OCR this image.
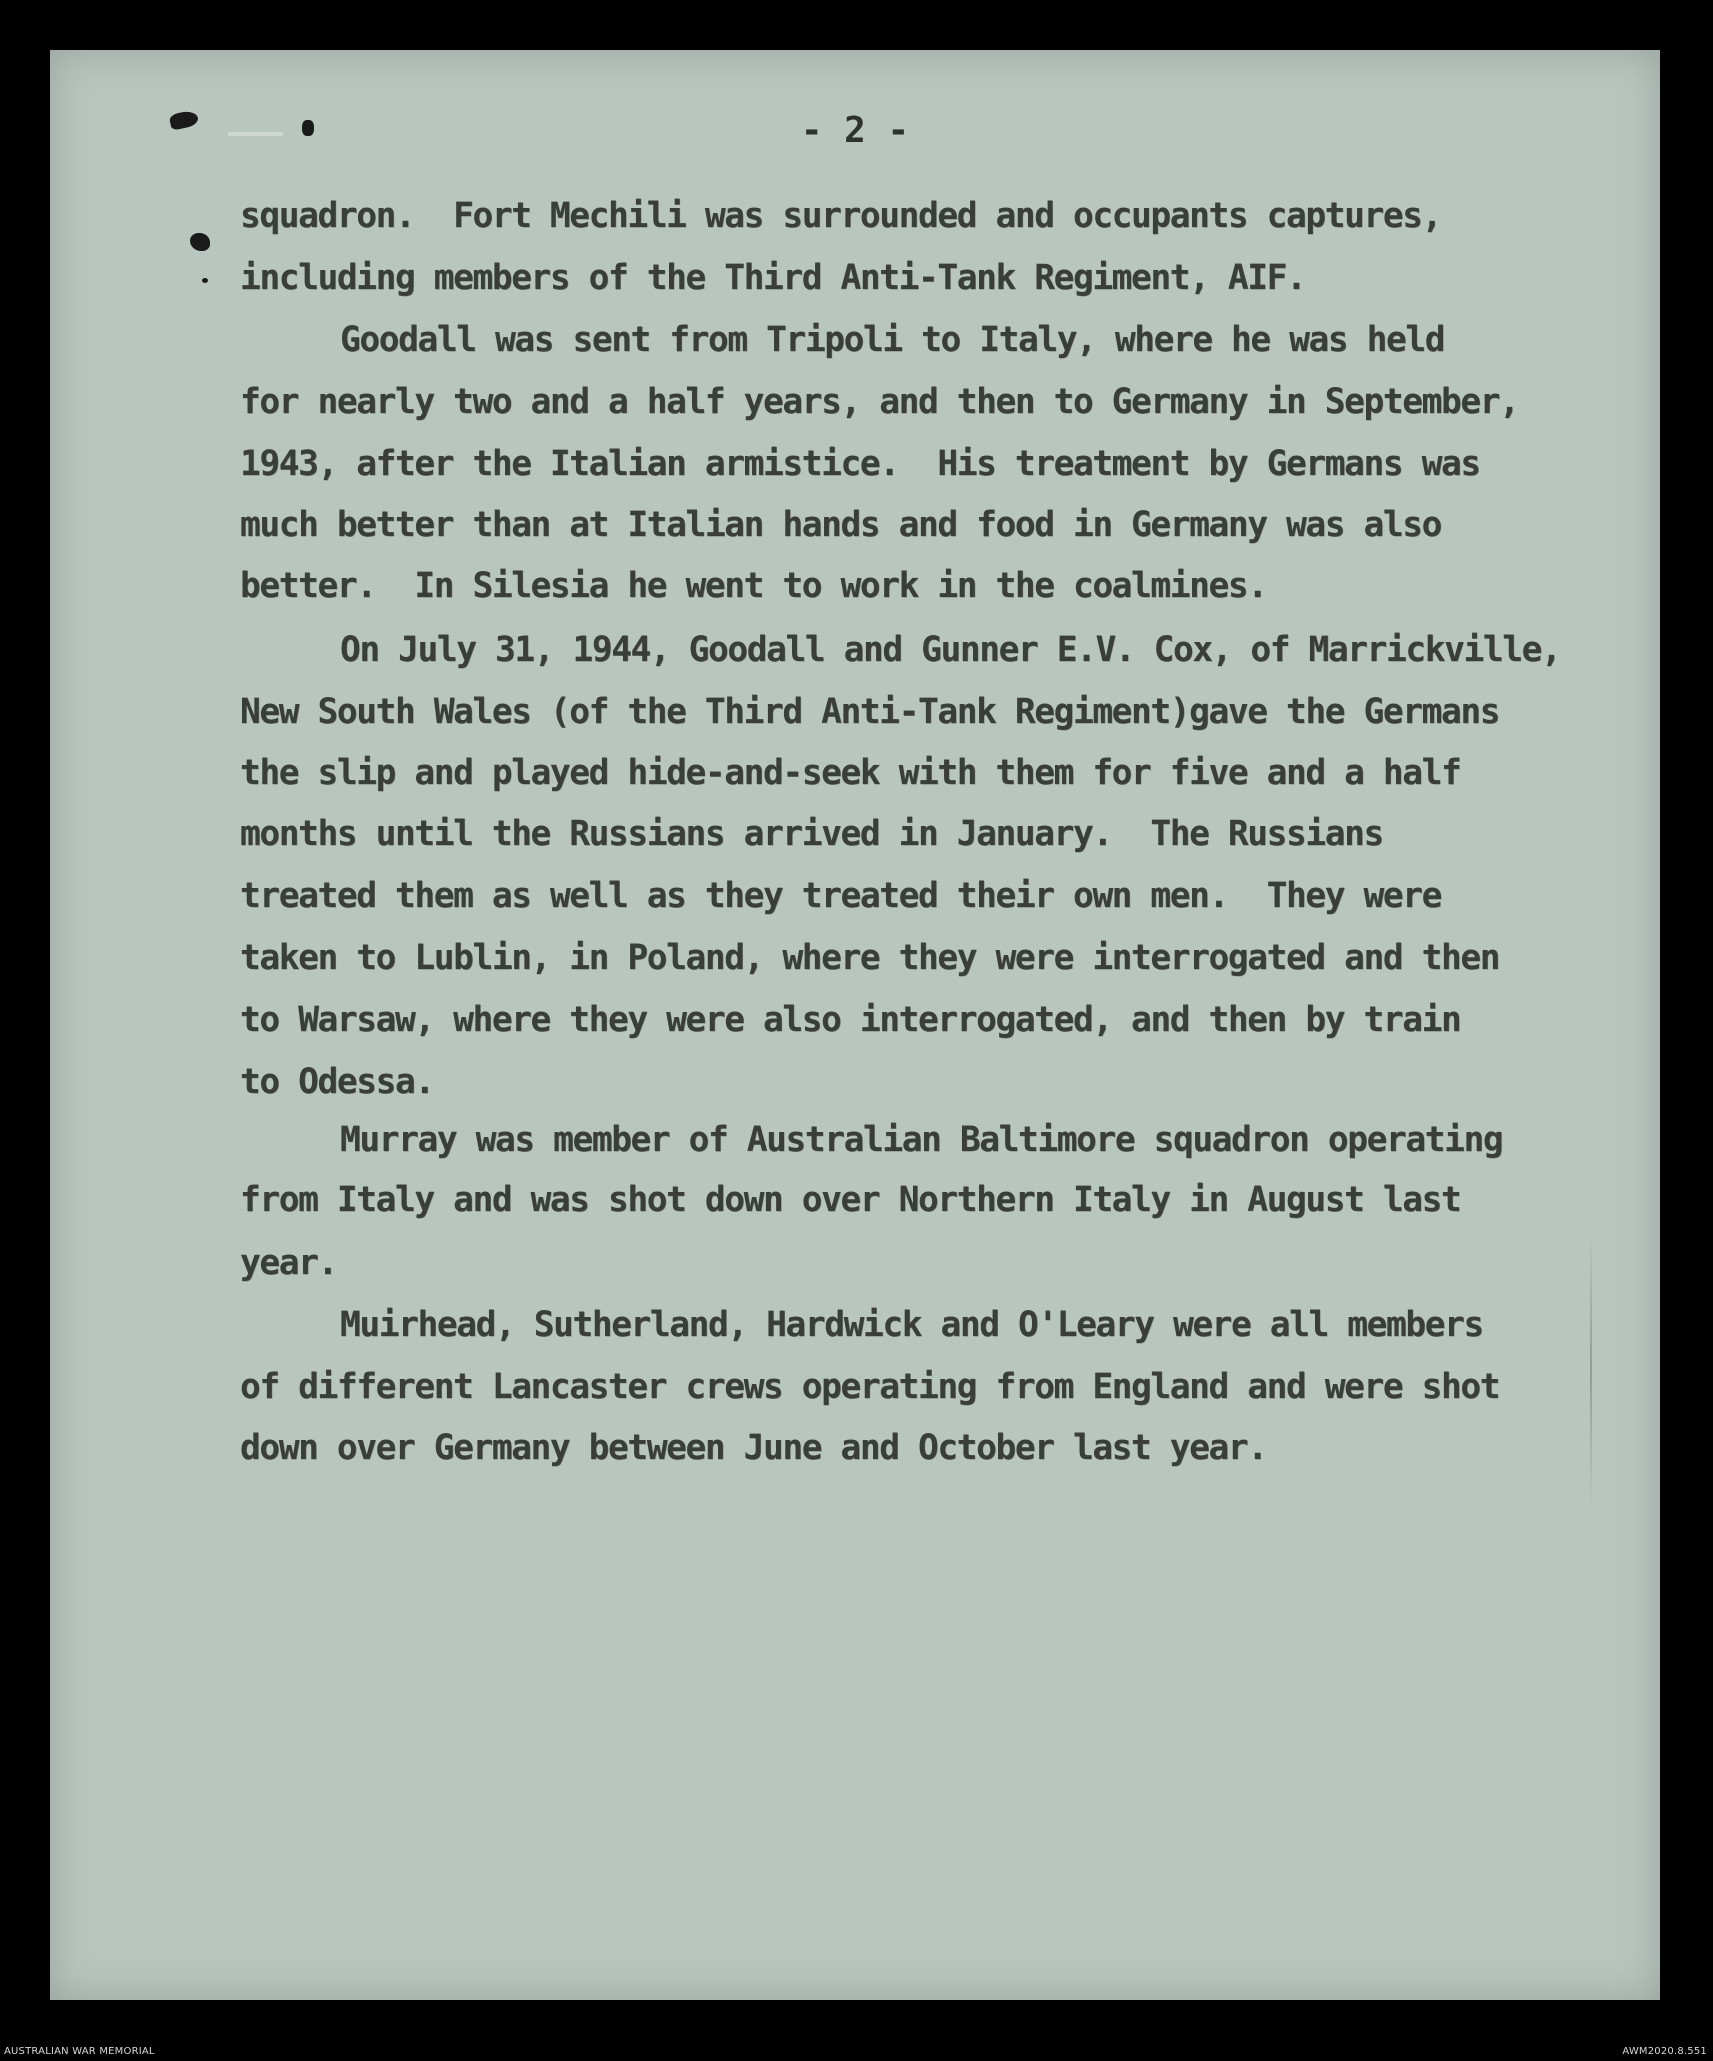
- 2 -
squadron.  Fort Mechili was surrounded and occupants captures,
including members of the Third Anti-Tank Regiment, AIF.
Goodall was sent from Tripoli to Italy, where he was held
for nearly two and a half years, and then to Germany in September,
1943, after the Italian armistice.  His treatment by Germans was
much better than at Italian hands and food in Germany was also
better.  In Silesia he went to work in the coalmines.
On July 31, 1944, Goodall and Gunner E.V. Cox, of Marrickville,
New South Wales (of the Third Anti-Tank Regiment)gave the Germans
the slip and played hide-and-seek with them for five and a half
months until the Russians arrived in January.  The Russians
treated them as well as they treated their own men.  They were
taken to Lublin, in Poland, where they were interrogated and then
to Warsaw, where they were also interrogated, and then by train
to Odessa.
Murray was member of Australian Baltimore squadron operating
from Italy and was shot down over Northern Italy in August last
year.
Muirhead, Sutherland, Hardwick and O'Leary were all members
of different Lancaster crews operating from England and were shot
down over Germany between June and October last year.
AUSTRALIAN WAR MEMORIAL	AWM2020.8.551
